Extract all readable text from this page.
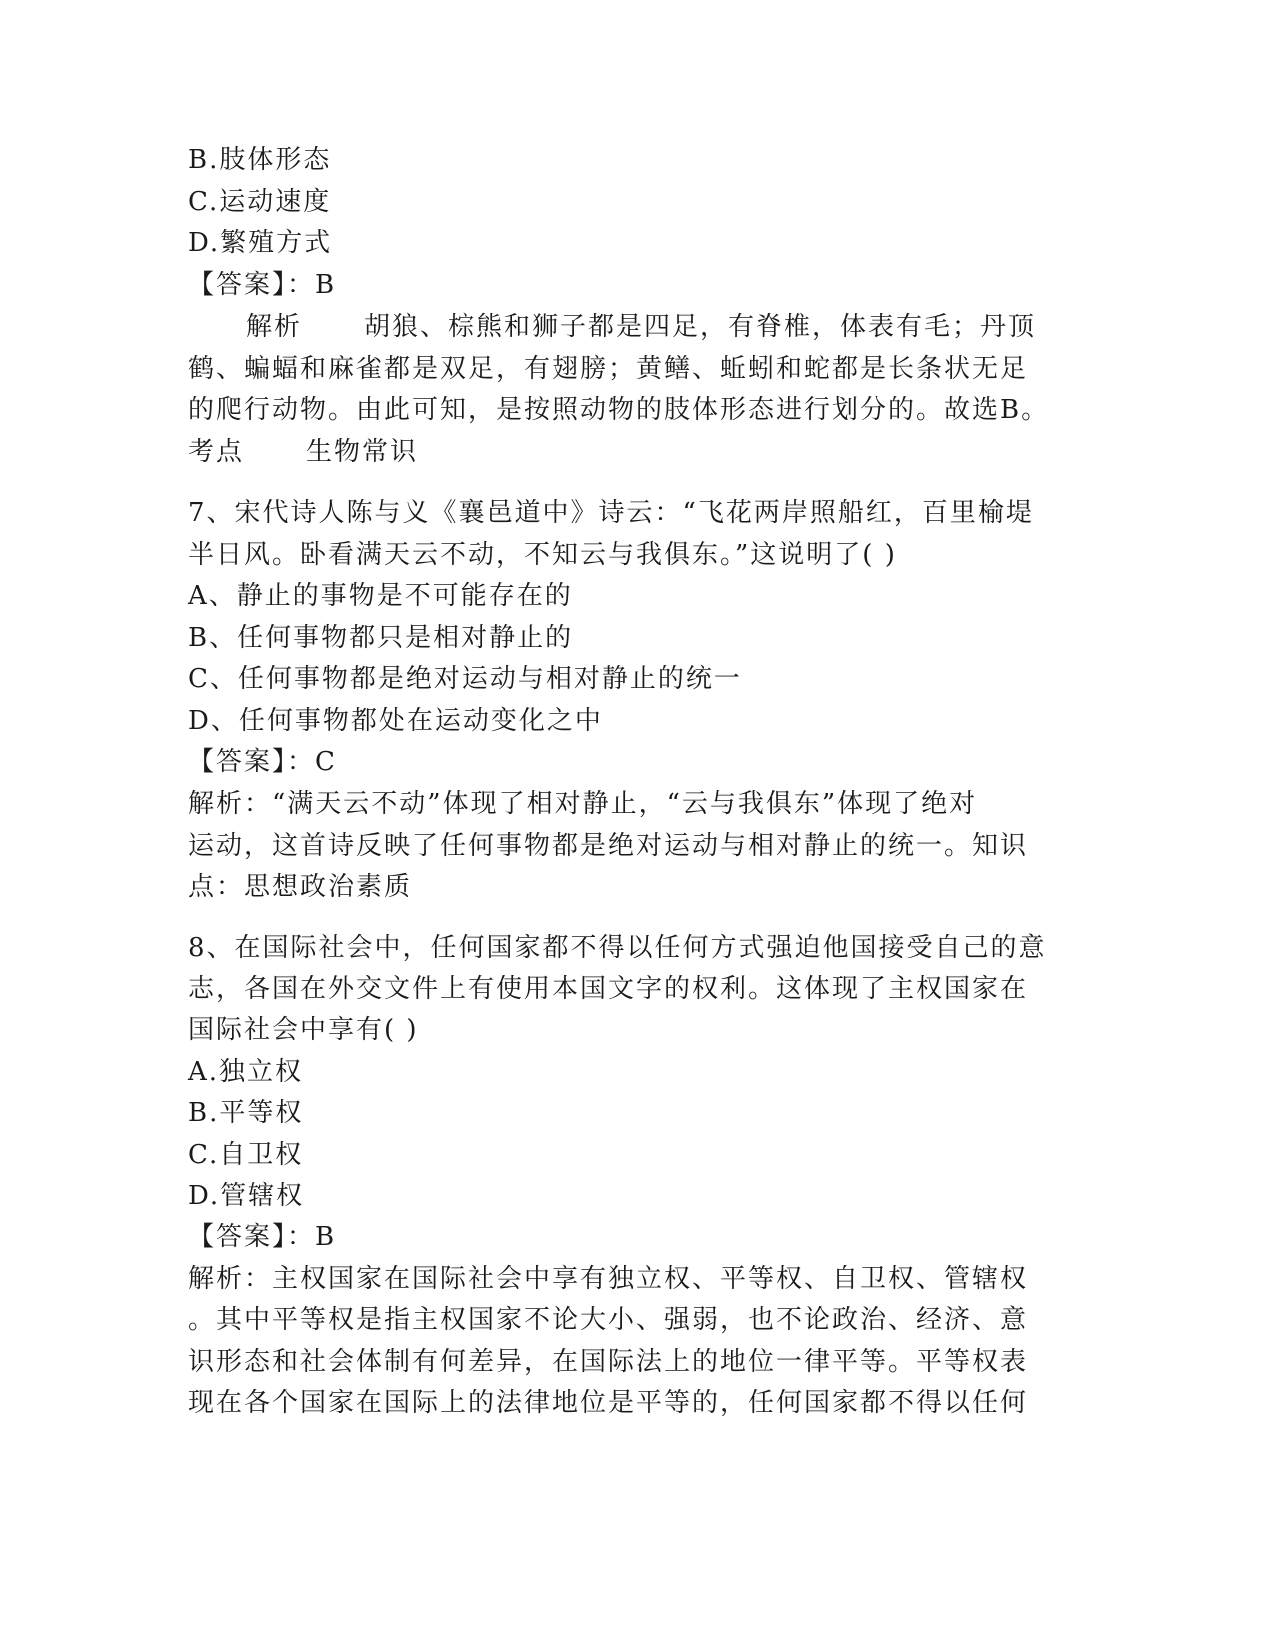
B.肢体形态
C.运动速度
D.繁殖方式
【答案】：B
解析 胡狼、棕熊和狮子都是四足，有脊椎，体表有毛；丹顶
鹤、蝙蝠和麻雀都是双足，有翅膀；黄鳝、蚯蚓和蛇都是长条状无足
的爬行动物。由此可知，是按照动物的肢体形态进行划分的。故选B。
考点 生物常识
7、宋代诗人陈与义《襄邑道中》诗云：“飞花两岸照船红，百里榆堤
半日风。卧看满天云不动，不知云与我俱东。”这说明了( )
A、静止的事物是不可能存在的
B、任何事物都只是相对静止的
C、任何事物都是绝对运动与相对静止的统一
D、任何事物都处在运动变化之中
【答案】：C
解析：“满天云不动”体现了相对静止，“云与我俱东”体现了绝对
运动，这首诗反映了任何事物都是绝对运动与相对静止的统一。知识
点：思想政治素质
8、在国际社会中，任何国家都不得以任何方式强迫他国接受自己的意
志，各国在外交文件上有使用本国文字的权利。这体现了主权国家在
国际社会中享有( )
A.独立权
B.平等权
C.自卫权
D.管辖权
【答案】：B
解析：主权国家在国际社会中享有独立权、平等权、自卫权、管辖权
。其中平等权是指主权国家不论大小、强弱，也不论政治、经济、意
识形态和社会体制有何差异，在国际法上的地位一律平等。平等权表
现在各个国家在国际上的法律地位是平等的，任何国家都不得以任何
